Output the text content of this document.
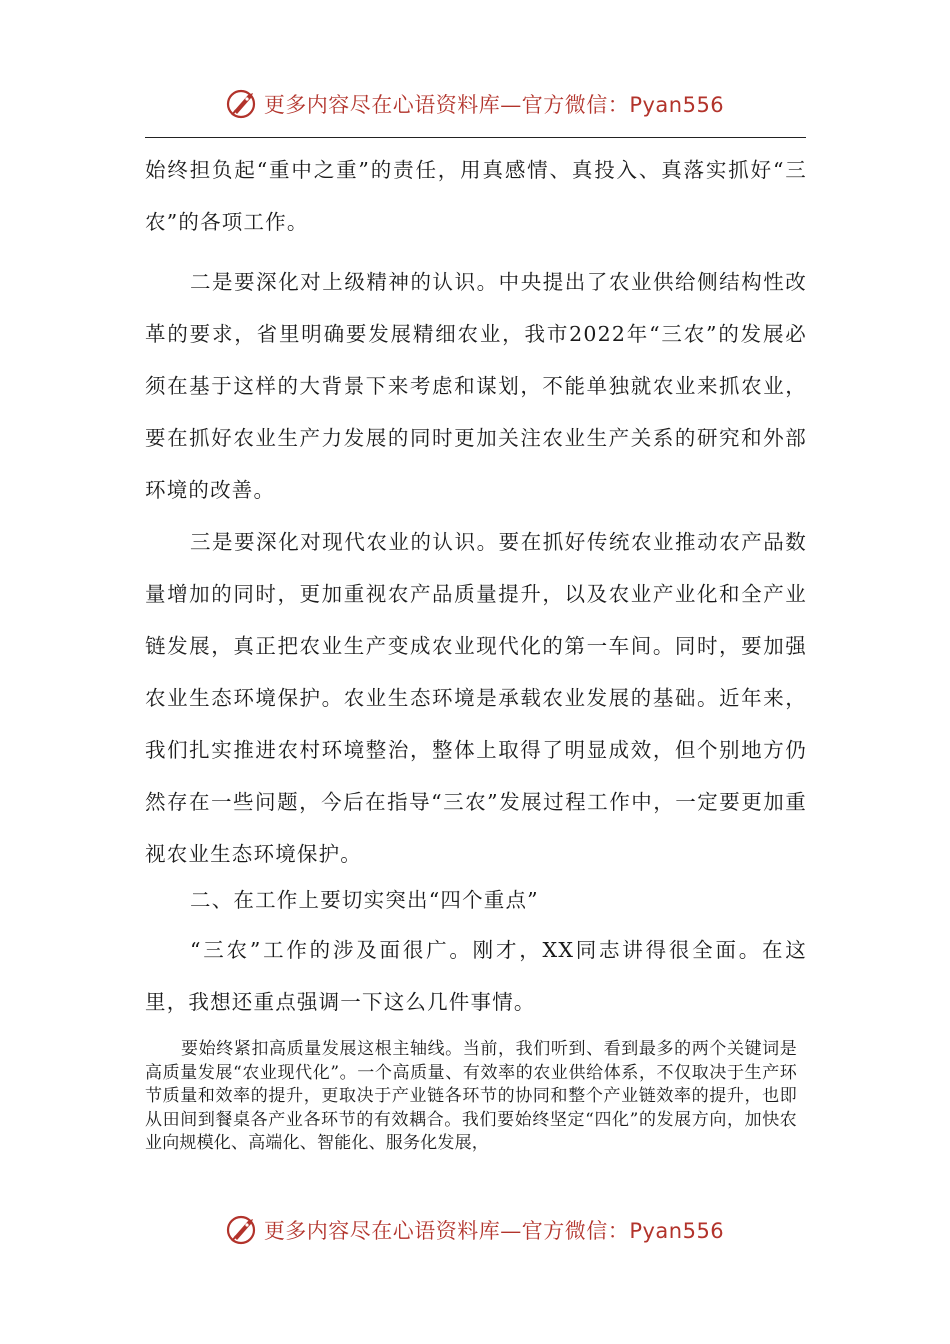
更多内容尽在心语资料库—官方微信：Pyan556

始终担负起“重中之重”的责任，用真感情、真投入、真落实抓好“三农”的各项工作。

二是要深化对上级精神的认识。中央提出了农业供给侧结构性改革的要求，省里明确要发展精细农业，我市2022年“三农”的发展必须在基于这样的大背景下来考虑和谋划，不能单独就农业来抓农业，要在抓好农业生产力发展的同时更加关注农业生产关系的研究和外部环境的改善。

三是要深化对现代农业的认识。要在抓好传统农业推动农产品数量增加的同时，更加重视农产品质量提升，以及农业产业化和全产业链发展，真正把农业生产变成农业现代化的第一车间。同时，要加强农业生态环境保护。农业生态环境是承载农业发展的基础。近年来，我们扎实推进农村环境整治，整体上取得了明显成效，但个别地方仍然存在一些问题，今后在指导“三农”发展过程工作中，一定要更加重视农业生态环境保护。

二、在工作上要切实突出“四个重点”

“三农”工作的涉及面很广。刚才，XX同志讲得很全面。在这里，我想还重点强调一下这么几件事情。

要始终紧扣高质量发展这根主轴线。当前，我们听到、看到最多的两个关键词是高质量发展“农业现代化”。一个高质量、有效率的农业供给体系，不仅取决于生产环节质量和效率的提升，更取决于产业链各环节的协同和整个产业链效率的提升，也即从田间到餐桌各产业各环节的有效耦合。我们要始终坚定“四化”的发展方向，加快农业向规模化、高端化、智能化、服务化发展，

更多内容尽在心语资料库—官方微信：Pyan556
